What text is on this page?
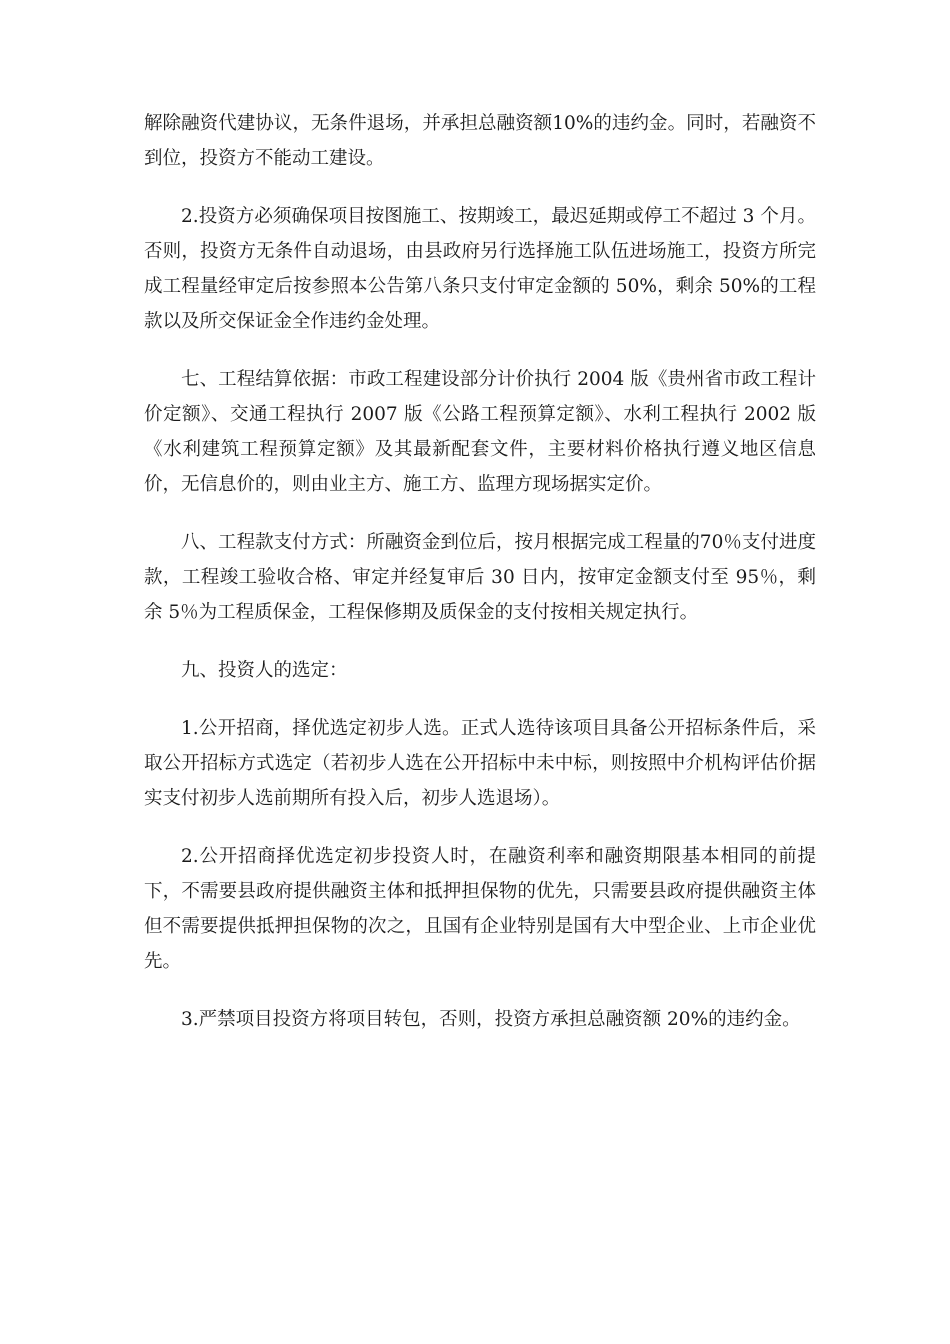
解除融资代建协议，无条件退场，并承担总融资额10%的违约金。同时，若融资不到位，投资方不能动工建设。

2.投资方必须确保项目按图施工、按期竣工，最迟延期或停工不超过 3 个月。否则，投资方无条件自动退场，由县政府另行选择施工队伍进场施工，投资方所完成工程量经审定后按参照本公告第八条只支付审定金额的 50%，剩余 50%的工程款以及所交保证金全作违约金处理。

七、工程结算依据：市政工程建设部分计价执行 2004 版《贵州省市政工程计价定额》、交通工程执行 2007 版《公路工程预算定额》、水利工程执行 2002 版《水利建筑工程预算定额》及其最新配套文件，主要材料价格执行遵义地区信息价，无信息价的，则由业主方、施工方、监理方现场据实定价。

八、工程款支付方式：所融资金到位后，按月根据完成工程量的70％支付进度款，工程竣工验收合格、审定并经复审后 30 日内，按审定金额支付至 95％，剩余 5％为工程质保金，工程保修期及质保金的支付按相关规定执行。

九、投资人的选定：

1.公开招商，择优选定初步人选。正式人选待该项目具备公开招标条件后，采取公开招标方式选定（若初步人选在公开招标中未中标，则按照中介机构评估价据实支付初步人选前期所有投入后，初步人选退场）。

2.公开招商择优选定初步投资人时，在融资利率和融资期限基本相同的前提下，不需要县政府提供融资主体和抵押担保物的优先，只需要县政府提供融资主体但不需要提供抵押担保物的次之，且国有企业特别是国有大中型企业、上市企业优先。

3.严禁项目投资方将项目转包，否则，投资方承担总融资额 20%的违约金。
